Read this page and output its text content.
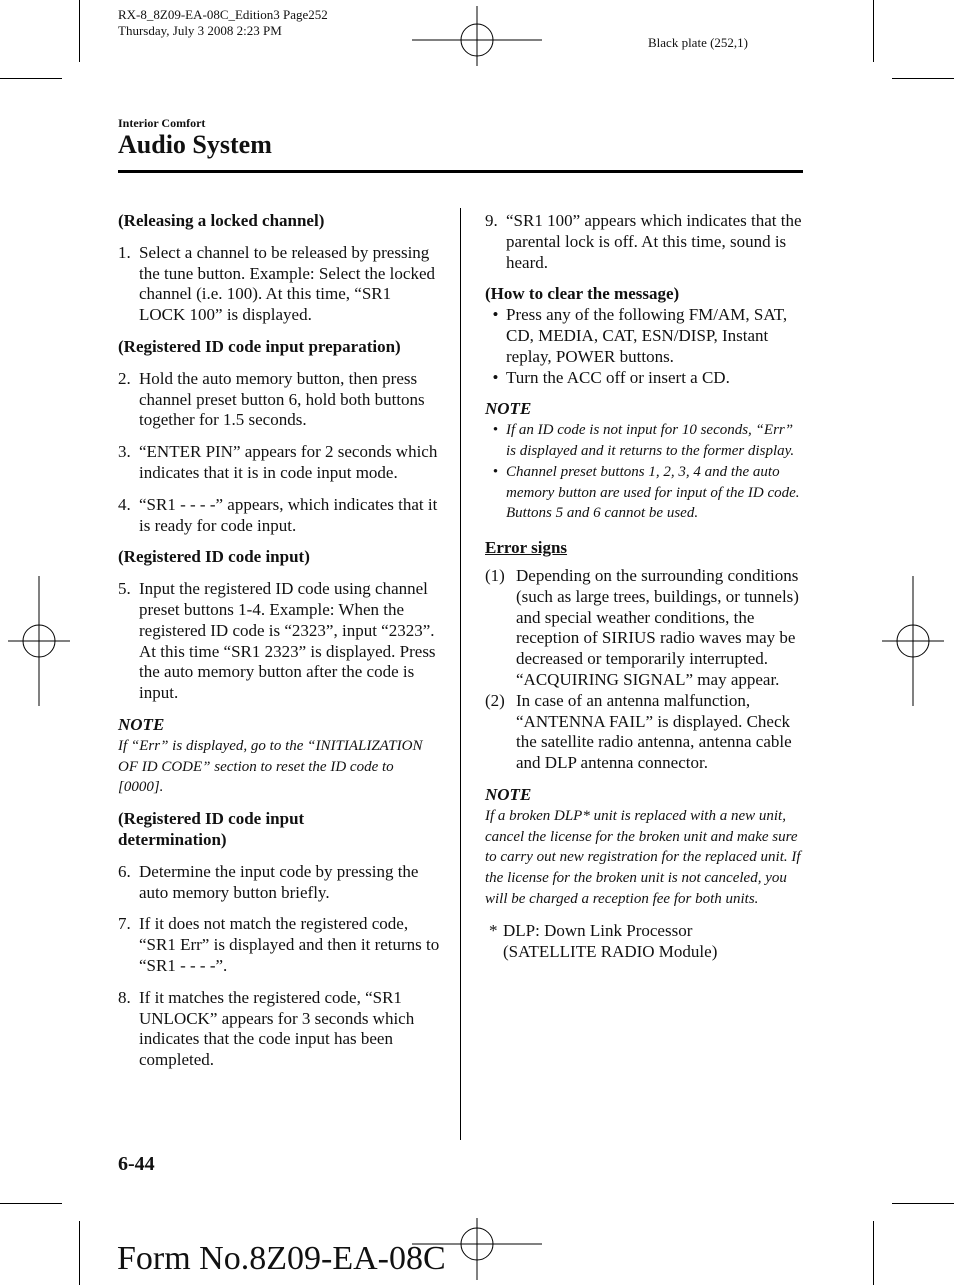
RX-8_8Z09-EA-08C_Edition3 Page252
Thursday, July 3 2008 2:23 PM
Black plate (252,1)
Interior Comfort
Audio System

(Releasing a locked channel)

1. Select a channel to be released by pressing the tune button. Example: Select the locked channel (i.e. 100). At this time, “SR1 LOCK 100” is displayed.

(Registered ID code input preparation)

2. Hold the auto memory button, then press channel preset button 6, hold both buttons together for 1.5 seconds.

3. “ENTER PIN” appears for 2 seconds which indicates that it is in code input mode.

4. “SR1 - - - -” appears, which indicates that it is ready for code input.

(Registered ID code input)

5. Input the registered ID code using channel preset buttons 1-4. Example: When the registered ID code is “2323”, input “2323”. At this time “SR1 2323” is displayed. Press the auto memory button after the code is input.

NOTE

If “Err” is displayed, go to the “INITIALIZATION OF ID CODE” section to reset the ID code to [0000].

(Registered ID code input determination)

6. Determine the input code by pressing the auto memory button briefly.

7. If it does not match the registered code, “SR1 Err” is displayed and then it returns to “SR1 - - - -”.

8. If it matches the registered code, “SR1 UNLOCK” appears for 3 seconds which indicates that the code input has been completed.

9. “SR1 100” appears which indicates that the parental lock is off. At this time, sound is heard.

(How to clear the message)

• Press any of the following FM/AM, SAT, CD, MEDIA, CAT, ESN/DISP, Instant replay, POWER buttons.

• Turn the ACC off or insert a CD.

NOTE

• If an ID code is not input for 10 seconds, “Err” is displayed and it returns to the former display.

• Channel preset buttons 1, 2, 3, 4 and the auto memory button are used for input of the ID code. Buttons 5 and 6 cannot be used.

Error signs

(1) Depending on the surrounding conditions (such as large trees, buildings, or tunnels) and special weather conditions, the reception of SIRIUS radio waves may be decreased or temporarily interrupted. “ACQUIRING SIGNAL” may appear.

(2) In case of an antenna malfunction, “ANTENNA FAIL” is displayed. Check the satellite radio antenna, antenna cable and DLP antenna connector.

NOTE

If a broken DLP* unit is replaced with a new unit, cancel the license for the broken unit and make sure to carry out new registration for the replaced unit. If the license for the broken unit is not canceled, you will be charged a reception fee for both units.

* DLP: Down Link Processor
(SATELLITE RADIO Module)

6-44
Form No.8Z09-EA-08C
